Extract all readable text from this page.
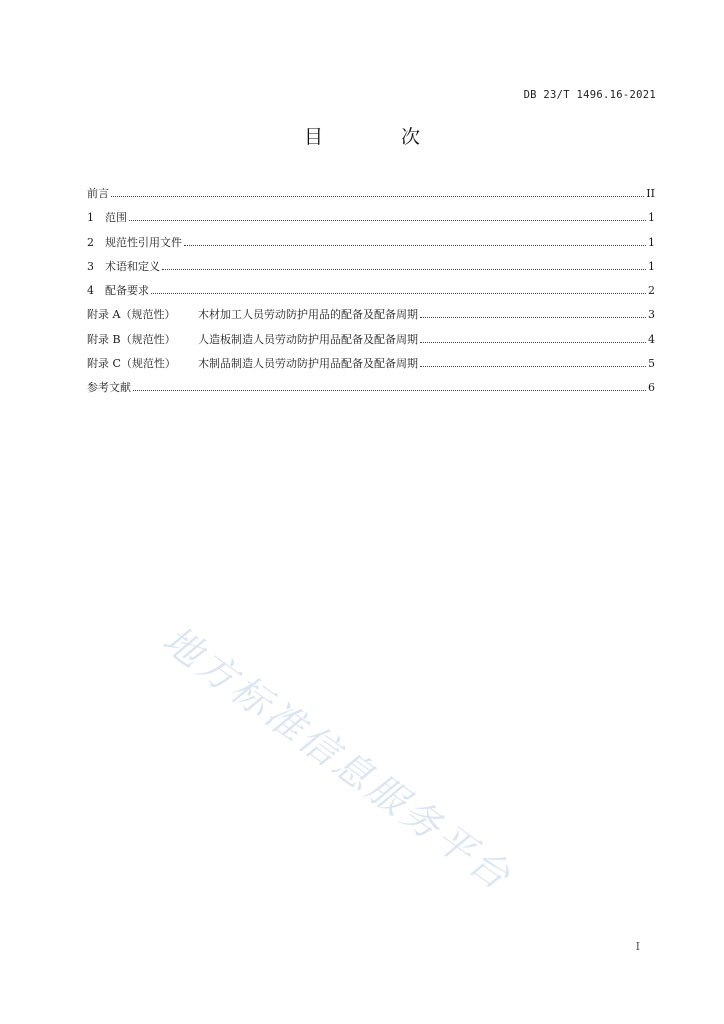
DB 23/T 1496.16-2021
目 次
前言	II
1	范围	1
2	规范性引用文件	1
3	术语和定义	1
4	配备要求	2
附录 A（规范性）	木材加工人员劳动防护用品的配备及配备周期	3
附录 B（规范性）	人造板制造人员劳动防护用品配备及配备周期	4
附录 C（规范性）	木制品制造人员劳动防护用品配备及配备周期	5
参考文献	6
地方标准信息服务平台
I
